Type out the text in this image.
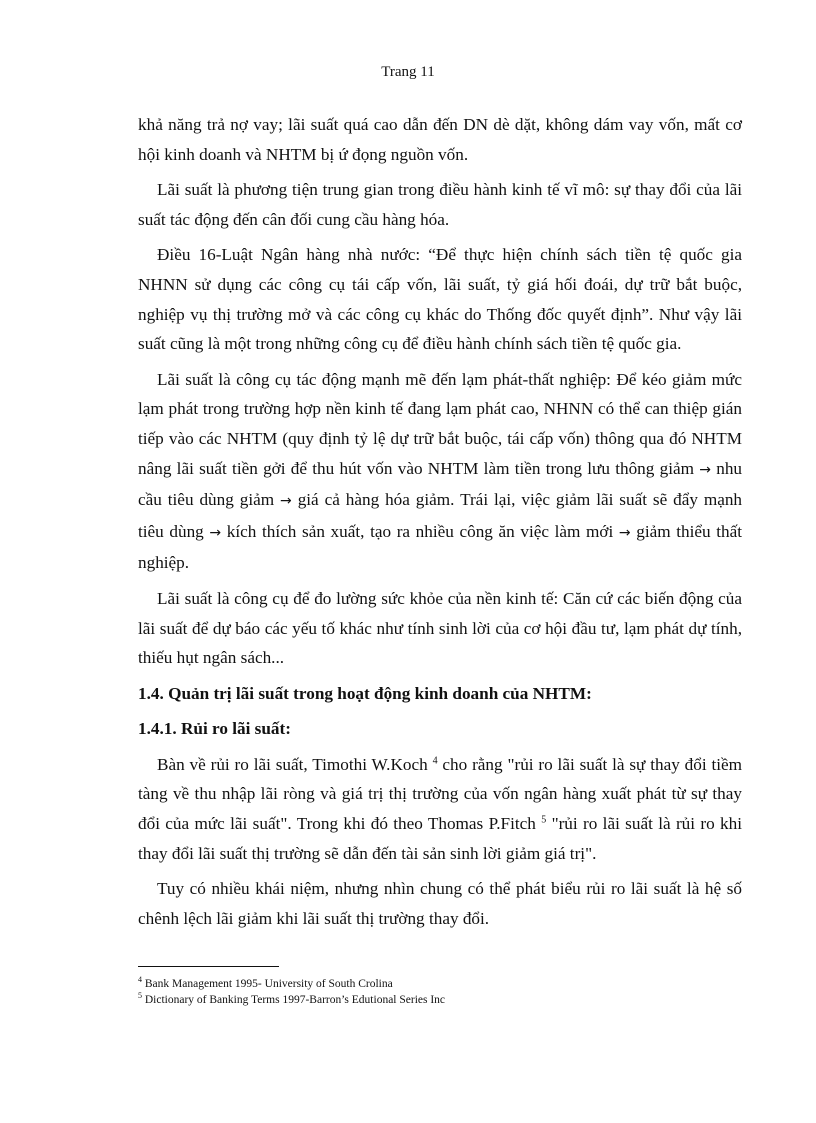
Trang 11

khả năng trả nợ vay; lãi suất quá cao dẫn đến DN dè dặt, không dám vay vốn, mất cơ hội kinh doanh và NHTM bị ứ đọng nguồn vốn.

Lãi suất là phương tiện trung gian trong điều hành kinh tế vĩ mô: sự thay đổi của lãi suất tác động đến cân đối cung cầu hàng hóa.

Điều 16-Luật Ngân hàng nhà nước: “Để thực hiện chính sách tiền tệ quốc gia NHNN sử dụng các công cụ tái cấp vốn, lãi suất, tỷ giá hối đoái, dự trữ bắt buộc, nghiệp vụ thị trường mở và các công cụ khác do Thống đốc quyết định”. Như vậy lãi suất cũng là một trong những công cụ để điều hành chính sách tiền tệ quốc gia.

Lãi suất là công cụ tác động mạnh mẽ đến lạm phát-thất nghiệp: Để kéo giảm mức lạm phát trong trường hợp nền kinh tế đang lạm phát cao, NHNN có thể can thiệp gián tiếp vào các NHTM (quy định tỷ lệ dự trữ bắt buộc, tái cấp vốn) thông qua đó NHTM nâng lãi suất tiền gởi để thu hút vốn vào NHTM làm tiền trong lưu thông giảm → nhu cầu tiêu dùng giảm → giá cả hàng hóa giảm. Trái lại, việc giảm lãi suất sẽ đẩy mạnh tiêu dùng → kích thích sản xuất, tạo ra nhiều công ăn việc làm mới → giảm thiểu thất nghiệp.

Lãi suất là công cụ để đo lường sức khỏe của nền kinh tế: Căn cứ các biến động của lãi suất để dự báo các yếu tố khác như tính sinh lời của cơ hội đầu tư, lạm phát dự tính, thiếu hụt ngân sách...

1.4. Quản trị lãi suất trong hoạt động kinh doanh của NHTM:
1.4.1. Rủi ro lãi suất:

Bàn về rủi ro lãi suất, Timothi W.Koch $^4$ cho rằng "rủi ro lãi suất là sự thay đổi tiềm tàng về thu nhập lãi ròng và giá trị thị trường của vốn ngân hàng xuất phát từ sự thay đổi của mức lãi suất". Trong khi đó theo Thomas P.Fitch $^5$ "rủi ro lãi suất là rủi ro khi thay đổi lãi suất thị trường sẽ dẫn đến tài sản sinh lời giảm giá trị".

Tuy có nhiều khái niệm, nhưng nhìn chung có thể phát biểu rủi ro lãi suất là hệ số chênh lệch lãi giảm khi lãi suất thị trường thay đổi.

$^4$ Bank Management 1995- University of South Crolina
$^5$ Dictionary of Banking Terms 1997-Barron’s Edutional Series Inc
